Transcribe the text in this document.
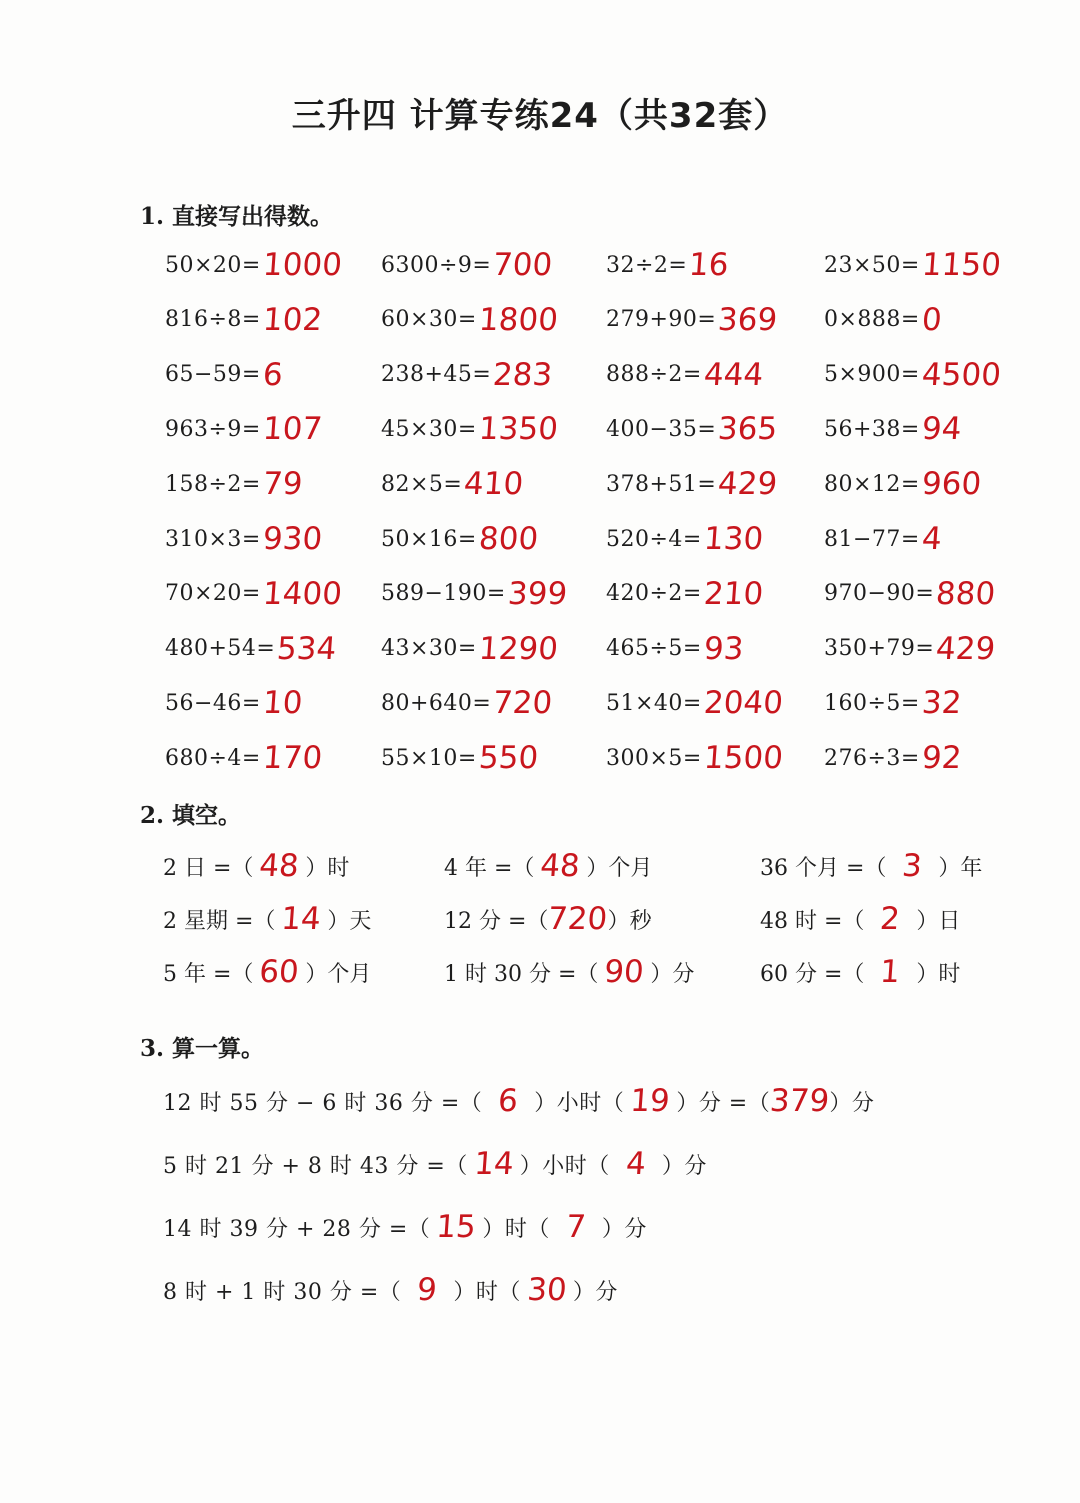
三升四 计算专练24（共32套）
1. 直接写出得数。
50×20= 1000 6300÷9= 700 32÷2= 16	23×50= 1150
816÷8= 102	60×30= 1800 279+90= 369 0×888= 0
65−59= 6	238+45= 283 888÷2= 444	5×900= 4500
963÷9= 107	45×30= 1350 400−35= 365 56+38= 94
158÷2= 79	82×5= 410	378+51= 429 80×12= 960
310×3= 930	50×16= 800	520÷4= 130	81−77= 4
70×20= 1400 589−190= 399 420÷2= 210	970−90= 880
480+54= 534 43×30= 1290 465÷5= 93	350+79= 429
56−46= 10	80+640= 720 51×40= 2040 160÷5= 32
680÷4= 170	55×10= 550	300×5= 1500 276÷3= 92
2. 填空。
2 日 =（ 48 ）时	4 年 =（ 48 ）个月	36 个月 =（ 3 ）年
2 星期 =（ 14 ）天	12 分 =（
720
）秒	48 时 =（ 2 ）日
5 年 =（ 60 ）个月	1 时 30 分 =（ 90 ）分	60 分 =（ 1 ）时
3. 算一算。
12 时 55 分 − 6 时 36 分 =（ 6 ）小时（ 19 ）分 =（
379
）分
5 时 21 分 + 8 时 43 分 =（ 14 ）小时（ 4 ）分
14 时 39 分 + 28 分 =（ 15 ）时（ 7 ）分
8 时 + 1 时 30 分 =（ 9 ）时（ 30 ）分
